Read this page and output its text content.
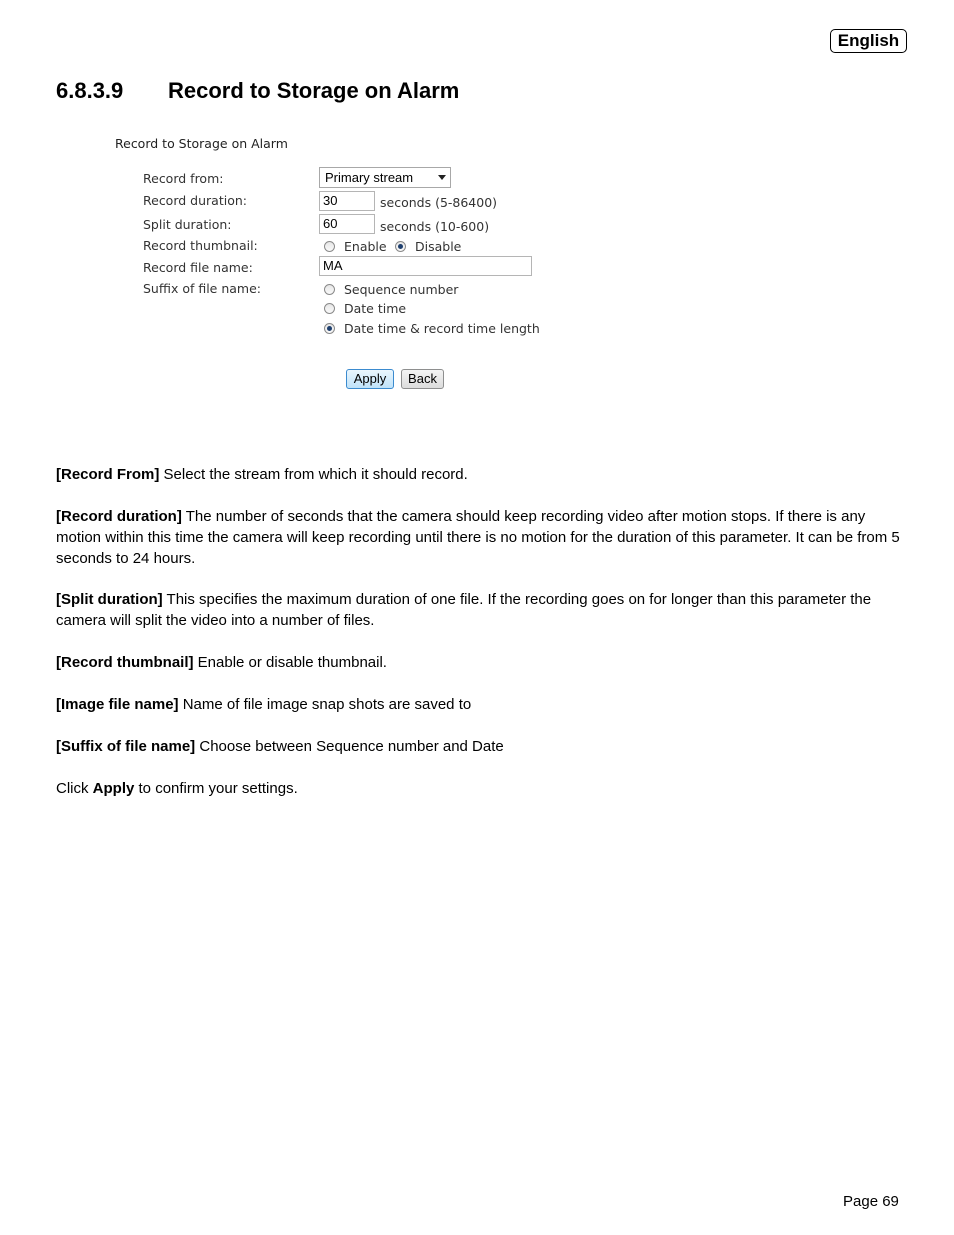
English
6.8.3.9 Record to Storage on Alarm
Record to Storage on Alarm
Record from:	Primary stream
Record duration:	30	seconds (5-86400)
Split duration:	60	seconds (10-600)
Record thumbnail:	Enable Disable
Record file name:	MA
Suffix of file name:	Sequence number
Date time
Date time & record time length
Apply	Back
[Record From] Select the stream from which it should record.
[Record duration] The number of seconds that the camera should keep recording video after motion stops. If there is any motion within this time the camera will keep recording until there is no motion for the duration of this parameter. It can be from 5 seconds to 24 hours.
[Split duration] This specifies the maximum duration of one file. If the recording goes on for longer than this parameter the camera will split the video into a number of files.
[Record thumbnail] Enable or disable thumbnail.
[Image file name] Name of file image snap shots are saved to
[Suffix of file name] Choose between Sequence number and Date
Click Apply to confirm your settings.
Page 69
